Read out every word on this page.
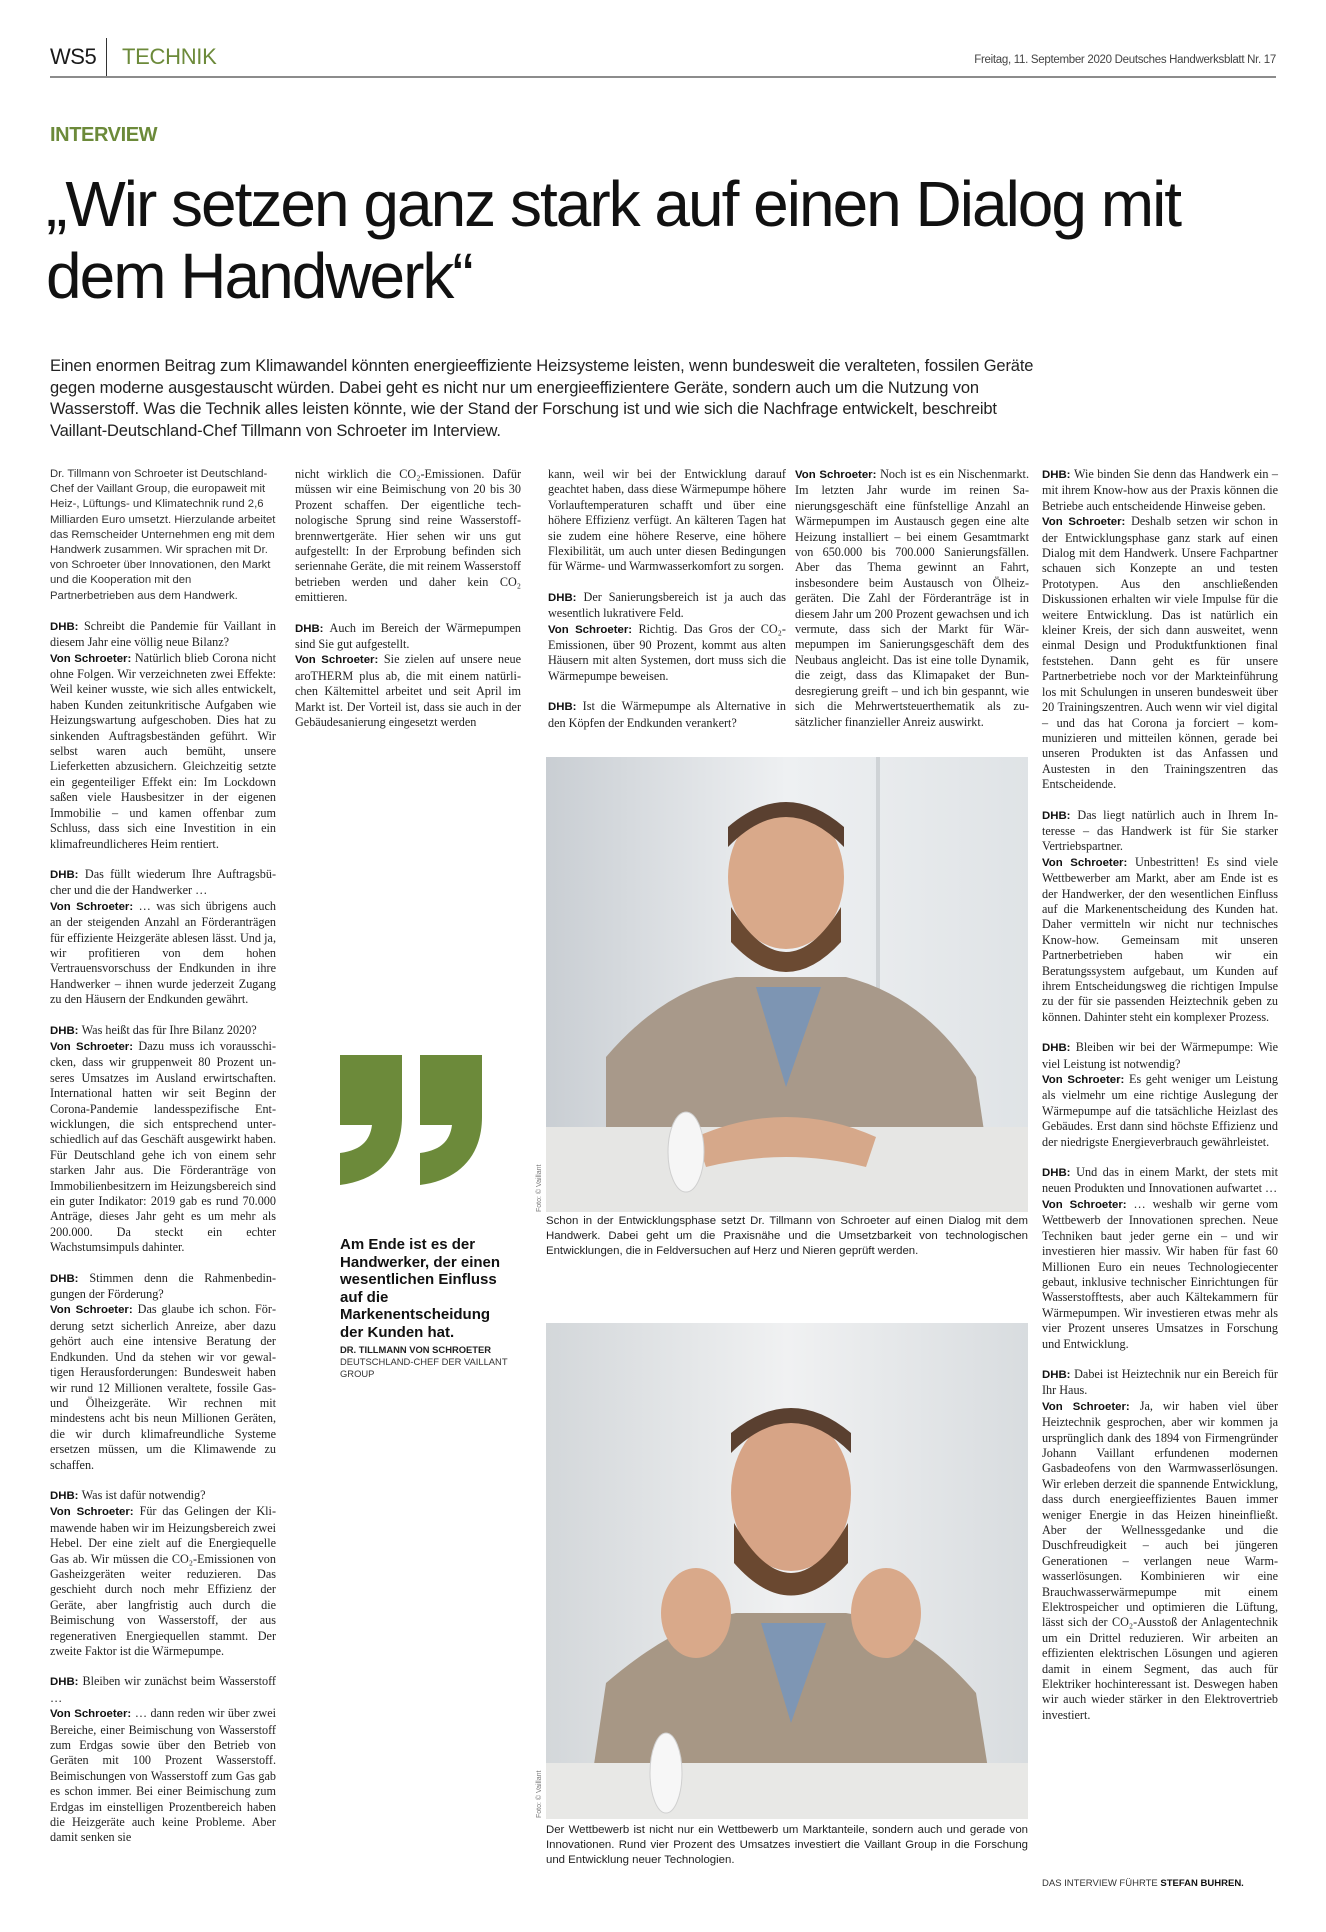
WS5 TECHNIK	Freitag, 11. September 2020 Deutsches Handwerksblatt Nr. 17
INTERVIEW
„Wir setzen ganz stark auf einen Dialog mit dem Handwerk“
Einen enormen Beitrag zum Klimawandel könnten energieeffiziente Heizsysteme leisten, wenn bundesweit die veralteten, fossilen Geräte gegen moderne ausgestauscht würden. Dabei geht es nicht nur um energieeffizientere Geräte, sondern auch um die Nutzung von Wasserstoff. Was die Technik alles leisten könnte, wie der Stand der Forschung ist und wie sich die Nachfrage entwickelt, beschreibt Vaillant-Deutschland-Chef Tillmann von Schroeter im Interview.

Dr. Tillmann von Schroeter ist Deutschland-Chef der Vaillant Group, die europaweit mit Heiz-, Lüftungs- und Klimatechnik rund 2,6 Milliarden Euro umsetzt. Hierzulande arbeitet das Remscheider Unternehmen eng mit dem Handwerk zusammen. Wir sprachen mit Dr. von Schroeter über Innovationen, den Markt und die Kooperation mit den Partnerbetrieben aus dem Handwerk.

DHB: Schreibt die Pandemie für Vaillant in diesem Jahr eine völlig neue Bilanz?
Von Schroeter: Natürlich blieb Corona nicht ohne Folgen. Wir verzeichneten zwei Effekte: Weil keiner wusste, wie sich alles entwickelt, haben Kunden zeitunkritische Aufgaben wie Heizungswartung aufgeschoben. Dies hat zu sinkenden Auftragsbeständen geführt. Wir selbst waren auch bemüht, unsere Lieferketten abzusichern. Gleichzeitig setzte ein gegenteiliger Effekt ein: Im Lockdown saßen viele Hausbesitzer in der eigenen Immobilie – und kamen offenbar zum Schluss, dass sich eine Investition in ein klimafreundlicheres Heim rentiert.

DHB: Das füllt wiederum Ihre Auftragsbücher und die der Handwerker …
Von Schroeter: … was sich übrigens auch an der steigenden Anzahl an Förderanträgen für effiziente Heizgeräte ablesen lässt. Und ja, wir profitieren von dem hohen Vertrauensvorschuss der Endkunden in ihre Handwerker – ihnen wurde jederzeit Zugang zu den Häusern der Endkunden gewährt.

DHB: Was heißt das für Ihre Bilanz 2020?
Von Schroeter: Dazu muss ich vorausschicken, dass wir gruppenweit 80 Prozent unseres Umsatzes im Ausland erwirtschaften. International hatten wir seit Beginn der Corona-Pandemie landesspezifische Entwicklungen, die sich entsprechend unterschiedlich auf das Geschäft ausgewirkt haben. Für Deutschland gehe ich von einem sehr starken Jahr aus. Die Förderanträge von Immobilienbesitzern im Heizungsbereich sind ein guter Indikator: 2019 gab es rund 70.000 Anträge, dieses Jahr geht es um mehr als 200.000. Da steckt ein echter Wachstumsimpuls dahinter.

DHB: Stimmen denn die Rahmenbedingungen der Förderung?
Von Schroeter: Das glaube ich schon. Förderung setzt sicherlich Anreize, aber dazu gehört auch eine intensive Beratung der Endkunden. Und da stehen wir vor gewaltigen Herausforderungen: Bundesweit haben wir rund 12 Millionen veraltete, fossile Gas- und Ölheizgeräte. Wir rechnen mit mindestens acht bis neun Millionen Geräten, die wir durch klimafreundliche Systeme ersetzen müssen, um die Klimawende zu schaffen.

DHB: Was ist dafür notwendig?
Von Schroeter: Für das Gelingen der Klimawende haben wir im Heizungsbereich zwei Hebel. Der eine zielt auf die Energiequelle Gas ab. Wir müssen die CO₂-Emissionen von Gasheizgeräten weiter reduzieren. Das geschieht durch noch mehr Effizienz der Geräte, aber langfristig auch durch die Beimischung von Wasserstoff, der aus regenerativen Energiequellen stammt. Der zweite Faktor ist die Wärmepumpe.

DHB: Bleiben wir zunächst beim Wasserstoff …
Von Schroeter: … dann reden wir über zwei Bereiche, einer Beimischung von Wasserstoff zum Erdgas sowie über den Betrieb von Geräten mit 100 Prozent Wasserstoff. Beimischungen von Wasserstoff zum Gas gab es schon immer. Bei einer Beimischung zum Erdgas im einstelligen Prozentbereich haben die Heizgeräte auch keine Probleme. Aber damit senken sie

nicht wirklich die CO₂-Emissionen. Dafür müssen wir eine Beimischung von 20 bis 30 Prozent schaffen. Der eigentliche technologische Sprung sind reine Wasserstoffbrennwertgeräte. Hier sehen wir uns gut aufgestellt: In der Erprobung befinden sich seriennahe Geräte, die mit reinem Wasserstoff betrieben werden und daher kein CO₂ emittieren.

DHB: Auch im Bereich der Wärmepumpen sind Sie gut aufgestellt.
Von Schroeter: Sie zielen auf unsere neue aroTHERM plus ab, die mit einem natürlichen Kältemittel arbeitet und seit April im Markt ist. Der Vorteil ist, dass sie auch in der Gebäudesanierung eingesetzt werden

Am Ende ist es der Handwerker, der einen wesentlichen Einfluss auf die Markenentscheidung der Kunden hat.
DR. TILLMANN VON SCHROETER
DEUTSCHLAND-CHEF DER VAILLANT GROUP

kann, weil wir bei der Entwicklung darauf geachtet haben, dass diese Wärmepumpe höhere Vorlauftemperaturen schafft und über eine höhere Effizienz verfügt. An kälteren Tagen hat sie zudem eine höhere Reserve, eine höhere Flexibilität, um auch unter diesen Bedingungen für Wärme- und Warmwasserkomfort zu sorgen.

DHB: Der Sanierungsbereich ist ja auch das wesentlich lukrativere Feld.
Von Schroeter: Richtig. Das Gros der CO₂-Emissionen, über 90 Prozent, kommt aus alten Häusern mit alten Systemen, dort muss sich die Wärmepumpe beweisen.

DHB: Ist die Wärmepumpe als Alternative in den Köpfen der Endkunden verankert?

Von Schroeter: Noch ist es ein Nischenmarkt. Im letzten Jahr wurde im reinen Sanierungsgeschäft eine fünfstellige Anzahl an Wärmepumpen im Austausch gegen eine alte Heizung installiert – bei einem Gesamtmarkt von 650.000 bis 700.000 Sanierungsfällen. Aber das Thema gewinnt an Fahrt, insbesondere beim Austausch von Ölheizgeräten. Die Zahl der Förderanträge ist in diesem Jahr um 200 Prozent gewachsen und ich vermute, dass sich der Markt für Wärmepumpen im Sanierungsgeschäft dem des Neubaus angleicht. Das ist eine tolle Dynamik, die zeigt, dass das Klimapaket der Bundesregierung greift – und ich bin gespannt, wie sich die Mehrwertsteuerthematik als zusätzlicher finanzieller Anreiz auswirkt.

DHB: Wie binden Sie denn das Handwerk ein – mit ihrem Know-how aus der Praxis können die Betriebe auch entscheidende Hinweise geben.
Von Schroeter: Deshalb setzen wir schon in der Entwicklungsphase ganz stark auf einen Dialog mit dem Handwerk. Unsere Fachpartner schauen sich Konzepte an und testen Prototypen. Aus den anschließenden Diskussionen erhalten wir viele Impulse für die weitere Entwicklung. Das ist natürlich ein kleiner Kreis, der sich dann ausweitet, wenn einmal Design und Produktfunktionen final feststehen. Dann geht es für unsere Partnerbetriebe noch vor der Markteinführung los mit Schulungen in unseren bundesweit über 20 Trainingszentren. Auch wenn wir viel digital – und das hat Corona ja forciert – kommunizieren und mitteilen können, gerade bei unseren Produkten ist das Anfassen und Austesten in den Trainingszentren das Entscheidende.

DHB: Das liegt natürlich auch in Ihrem Interesse – das Handwerk ist für Sie starker Vertriebspartner.
Von Schroeter: Unbestritten! Es sind viele Wettbewerber am Markt, aber am Ende ist es der Handwerker, der den wesentlichen Einfluss auf die Markenentscheidung des Kunden hat. Daher vermitteln wir nicht nur technisches Know-how. Gemeinsam mit unseren Partnerbetrieben haben wir ein Beratungssystem aufgebaut, um Kunden auf ihrem Entscheidungsweg die richtigen Impulse zu der für sie passenden Heiztechnik geben zu können. Dahinter steht ein komplexer Prozess.

DHB: Bleiben wir bei der Wärmepumpe: Wie viel Leistung ist notwendig?
Von Schroeter: Es geht weniger um Leistung als vielmehr um eine richtige Auslegung der Wärmepumpe auf die tatsächliche Heizlast des Gebäudes. Erst dann sind höchste Effizienz und der niedrigste Energieverbrauch gewährleistet.

DHB: Und das in einem Markt, der stets mit neuen Produkten und Innovationen aufwartet …
Von Schroeter: … weshalb wir gerne vom Wettbewerb der Innovationen sprechen. Neue Techniken baut jeder gerne ein – und wir investieren hier massiv. Wir haben für fast 60 Millionen Euro ein neues Technologiecenter gebaut, inklusive technischer Einrichtungen für Wasserstofftests, aber auch Kältekammern für Wärmepumpen. Wir investieren etwas mehr als vier Prozent unseres Umsatzes in Forschung und Entwicklung.

DHB: Dabei ist Heiztechnik nur ein Bereich für Ihr Haus.
Von Schroeter: Ja, wir haben viel über Heiztechnik gesprochen, aber wir kommen ja ursprünglich dank des 1894 von Firmengründer Johann Vaillant erfundenen modernen Gasbadeofens von den Warmwasserlösungen. Wir erleben derzeit die spannende Entwicklung, dass durch energieeffizientes Bauen immer weniger Energie in das Heizen hineinfließt. Aber der Wellnessgedanke und die Duschfreudigkeit – auch bei jüngeren Generationen – verlangen neue Warmwasserlösungen. Kombinieren wir eine Brauchwasserwärmepumpe mit einem Elektrospeicher und optimieren die Lüftung, lässt sich der CO₂-Ausstoß der Anlagentechnik um ein Drittel reduzieren. Wir arbeiten an effizienten elektrischen Lösungen und agieren damit in einem Segment, das auch für Elektriker hochinteressant ist. Deswegen haben wir auch wieder stärker in den Elektrovertrieb investiert.

Foto: © Vaillant
Schon in der Entwicklungsphase setzt Dr. Tillmann von Schroeter auf einen Dialog mit dem Handwerk. Dabei geht um die Praxisnähe und die Umsetzbarkeit von technologischen Entwicklungen, die in Feldversuchen auf Herz und Nieren geprüft werden.
Foto: © Vaillant
Der Wettbewerb ist nicht nur ein Wettbewerb um Marktanteile, sondern auch und gerade von Innovationen. Rund vier Prozent des Umsatzes investiert die Vaillant Group in die Forschung und Entwicklung neuer Technologien.
DAS INTERVIEW FÜHRTE STEFAN BUHREN.
